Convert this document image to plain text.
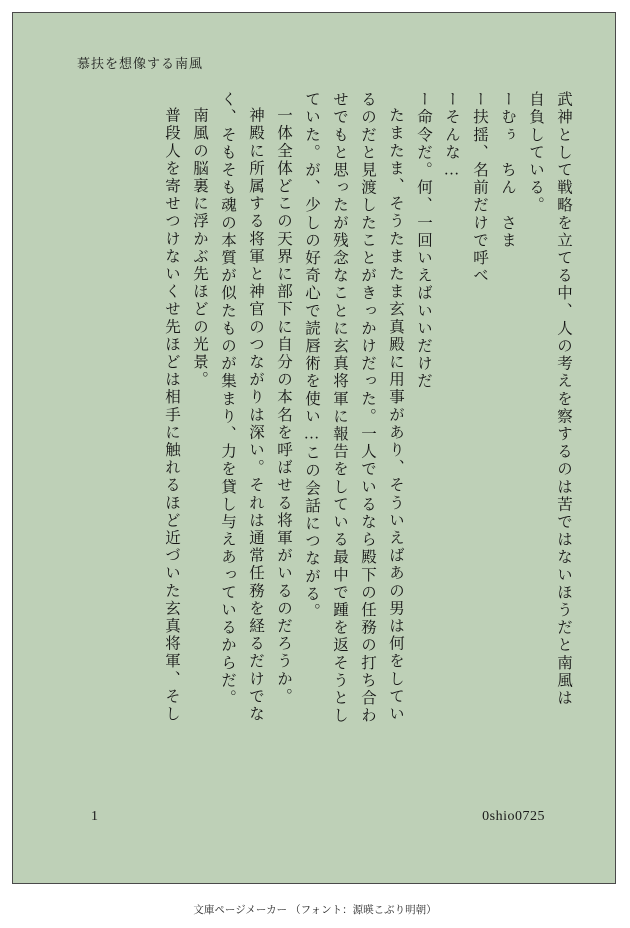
慕扶を想像する南風
武神として戦略を立てる中、人の考えを察するのは苦ではないほうだと南風は
自負している。
ーむぅ　ちん　さま
ー扶揺、名前だけで呼べ
ーそんな…
ー命令だ。何、一回いえばいいだけだ
たまたま、そうたまたま玄真殿に用事があり、そういえばあの男は何をしてい
るのだと見渡したことがきっかけだった。一人でいるなら殿下の任務の打ち合わ
せでもと思ったが残念なことに玄真将軍に報告をしている最中で踵を返そうとし
ていた。が、少しの好奇心で読唇術を使い…この会話につながる。
一体全体どこの天界に部下に自分の本名を呼ばせる将軍がいるのだろうか。
神殿に所属する将軍と神官のつながりは深い。それは通常任務を経るだけでな
く、そもそも魂の本質が似たものが集まり、力を貸し与えあっているからだ。
南風の脳裏に浮かぶ先ほどの光景。
普段人を寄せつけないくせ先ほどは相手に触れるほど近づいた玄真将軍、そし
1	0shio0725
文庫ページメーカー （フォント：源暎こぶり明朝）
